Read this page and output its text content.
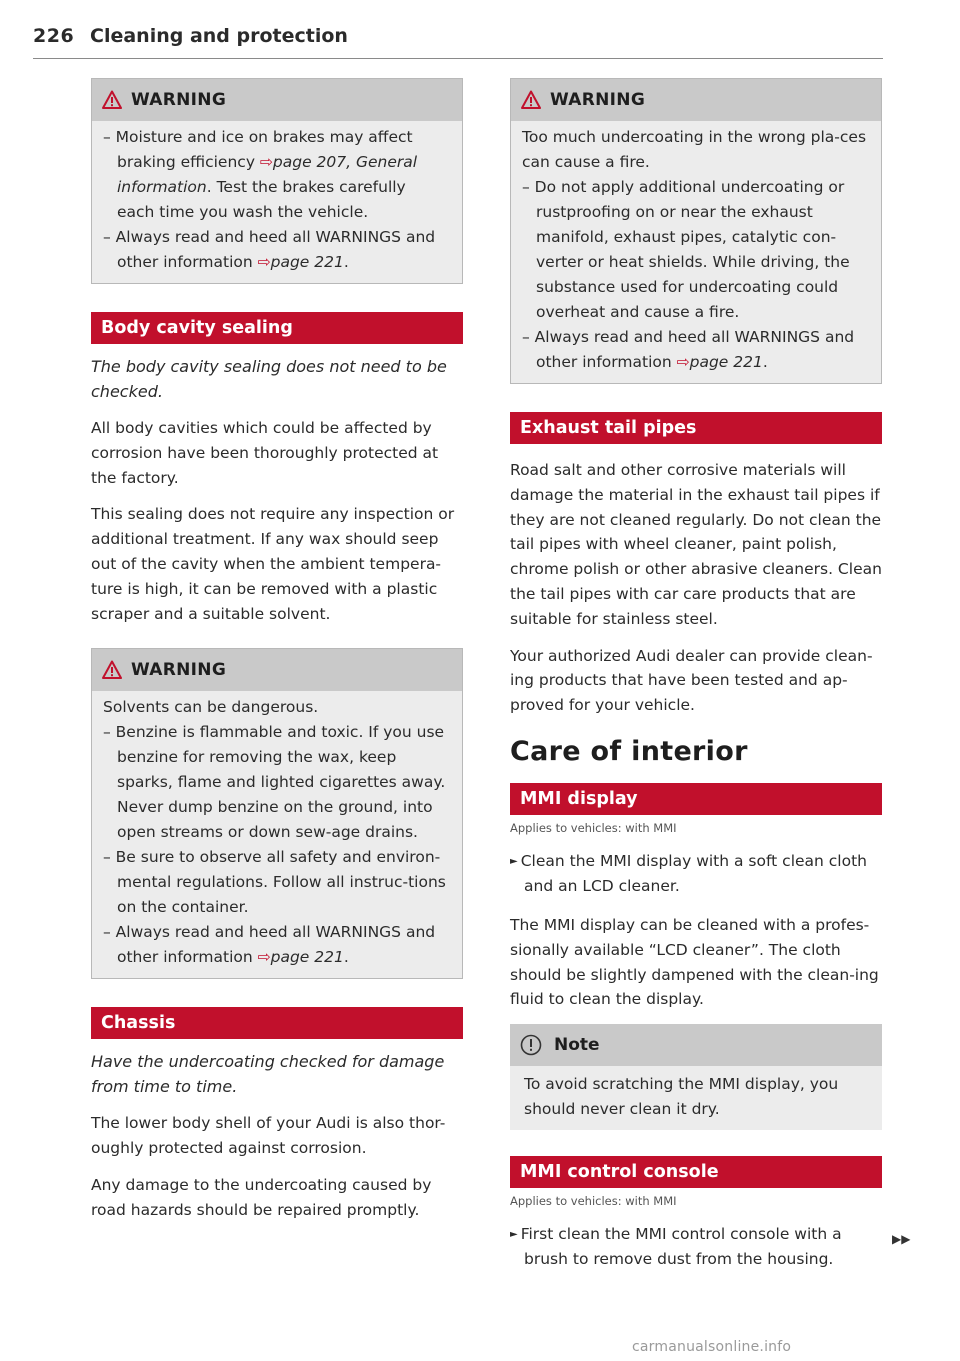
226 Cleaning and protection
WARNING

– Moisture and ice on brakes may affect braking efficiency ⇨page 207, General information. Test the brakes carefully each time you wash the vehicle.

– Always read and heed all WARNINGS and other information ⇨page 221.

Body cavity sealing

The body cavity sealing does not need to be checked.

All body cavities which could be affected by corrosion have been thoroughly protected at the factory.

This sealing does not require any inspection or additional treatment. If any wax should seep out of the cavity when the ambient tempera-ture is high, it can be removed with a plastic scraper and a suitable solvent.

WARNING

Solvents can be dangerous.

– Benzine is flammable and toxic. If you use benzine for removing the wax, keep sparks, flame and lighted cigarettes away. Never dump benzine on the ground, into open streams or down sew-age drains.

– Be sure to observe all safety and environ-mental regulations. Follow all instruc-tions on the container.

– Always read and heed all WARNINGS and other information ⇨page 221.

Chassis

Have the undercoating checked for damage from time to time.

The lower body shell of your Audi is also thor-oughly protected against corrosion.

Any damage to the undercoating caused by road hazards should be repaired promptly.

WARNING

Too much undercoating in the wrong pla-ces can cause a fire.

– Do not apply additional undercoating or rustproofing on or near the exhaust manifold, exhaust pipes, catalytic con-verter or heat shields. While driving, the substance used for undercoating could overheat and cause a fire.

– Always read and heed all WARNINGS and other information ⇨page 221.

Exhaust tail pipes

Road salt and other corrosive materials will damage the material in the exhaust tail pipes if they are not cleaned regularly. Do not clean the tail pipes with wheel cleaner, paint polish, chrome polish or other abrasive cleaners. Clean the tail pipes with car care products that are suitable for stainless steel.

Your authorized Audi dealer can provide clean-ing products that have been tested and ap-proved for your vehicle.

Care of interior
MMI display

Applies to vehicles: with MMI

► Clean the MMI display with a soft clean cloth and an LCD cleaner.

The MMI display can be cleaned with a profes-sionally available “LCD cleaner”. The cloth should be slightly dampened with the clean-ing fluid to clean the display.

Note
To avoid scratching the MMI display, you should never clean it dry.
MMI control console

Applies to vehicles: with MMI

► First clean the MMI control console with a brush to remove dust from the housing.

▶▶
carmanualsonline.info
